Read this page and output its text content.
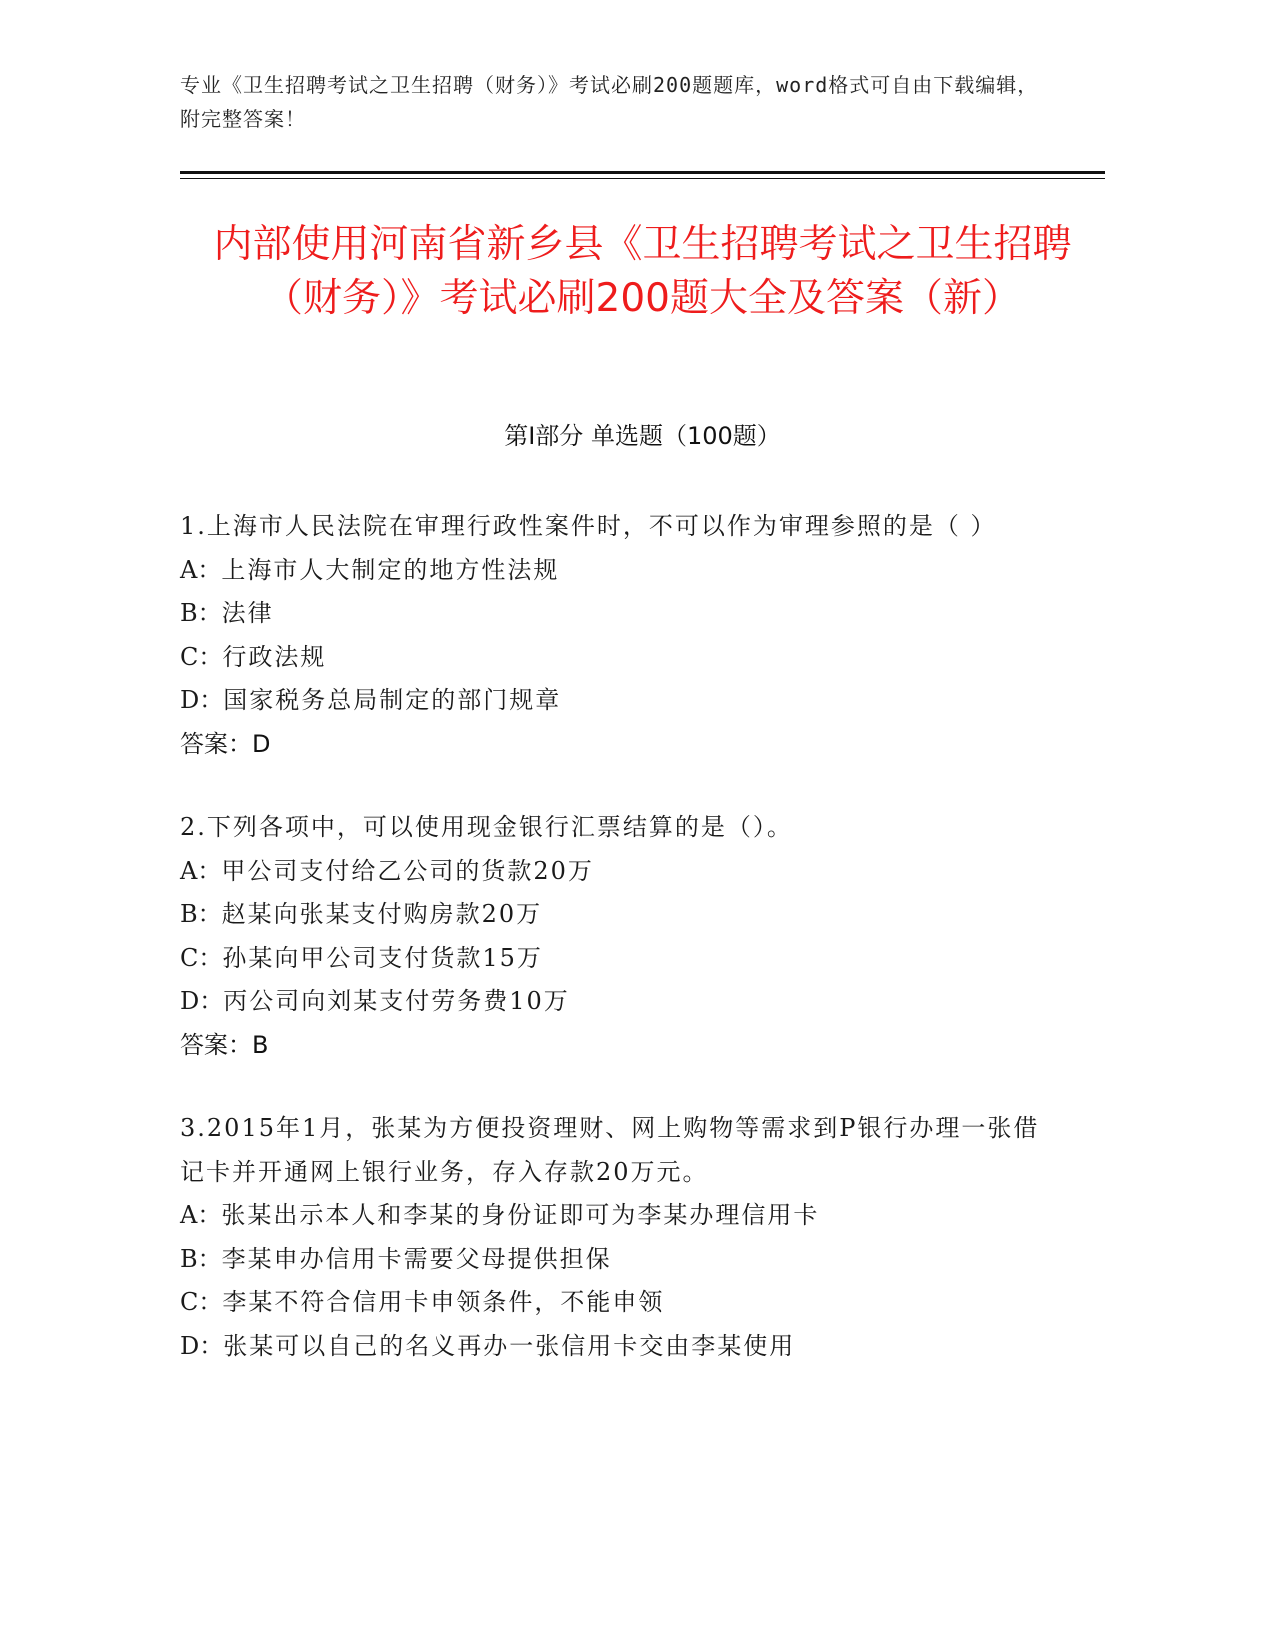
专业《卫生招聘考试之卫生招聘（财务）》考试必刷200题题库，word格式可自由下载编辑，附完整答案！

内部使用河南省新乡县《卫生招聘考试之卫生招聘（财务）》考试必刷200题大全及答案（新）
第Ⅰ部分 单选题（100题）

1.上海市人民法院在审理行政性案件时，不可以作为审理参照的是（ ）

A：上海市人大制定的地方性法规

B：法律

C：行政法规

D：国家税务总局制定的部门规章

答案：D

2.下列各项中，可以使用现金银行汇票结算的是（）。

A：甲公司支付给乙公司的货款20万

B：赵某向张某支付购房款20万

C：孙某向甲公司支付货款15万

D：丙公司向刘某支付劳务费10万

答案：B

3.2015年1月，张某为方便投资理财、网上购物等需求到P银行办理一张借记卡并开通网上银行业务，存入存款20万元。

A：张某出示本人和李某的身份证即可为李某办理信用卡

B：李某申办信用卡需要父母提供担保

C：李某不符合信用卡申领条件，不能申领

D：张某可以自己的名义再办一张信用卡交由李某使用
